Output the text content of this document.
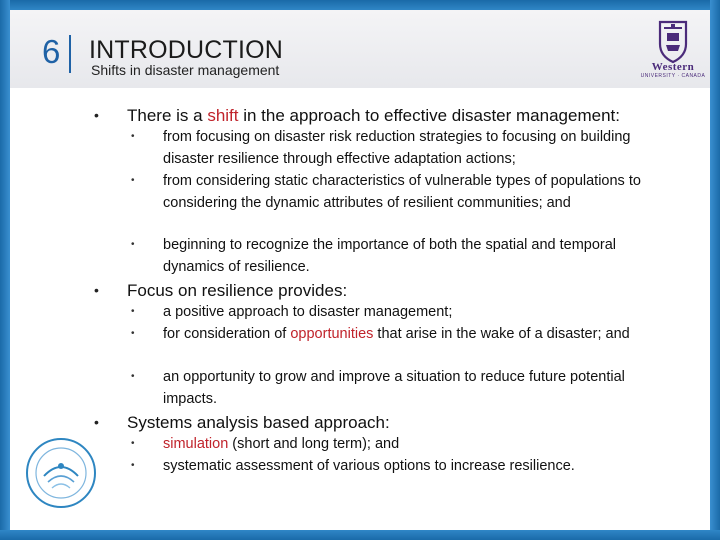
6 INTRODUCTION
Shifts in disaster management	Western
UNIVERSITY · CANADA
• There is a shift in the approach to effective disaster management:
• from focusing on disaster risk reduction strategies to focusing on building disaster resilience through effective adaptation actions;
• from considering static characteristics of vulnerable types of populations to considering the dynamic attributes of resilient communities; and
• beginning to recognize the importance of both the spatial and temporal dynamics of resilience.
• Focus on resilience provides:
• a positive approach to disaster management;
• for consideration of opportunities that arise in the wake of a disaster; and
• an opportunity to grow and improve a situation to reduce future potential impacts.
• Systems analysis based approach:
• simulation (short and long term); and
• systematic assessment of various options to increase resilience.
